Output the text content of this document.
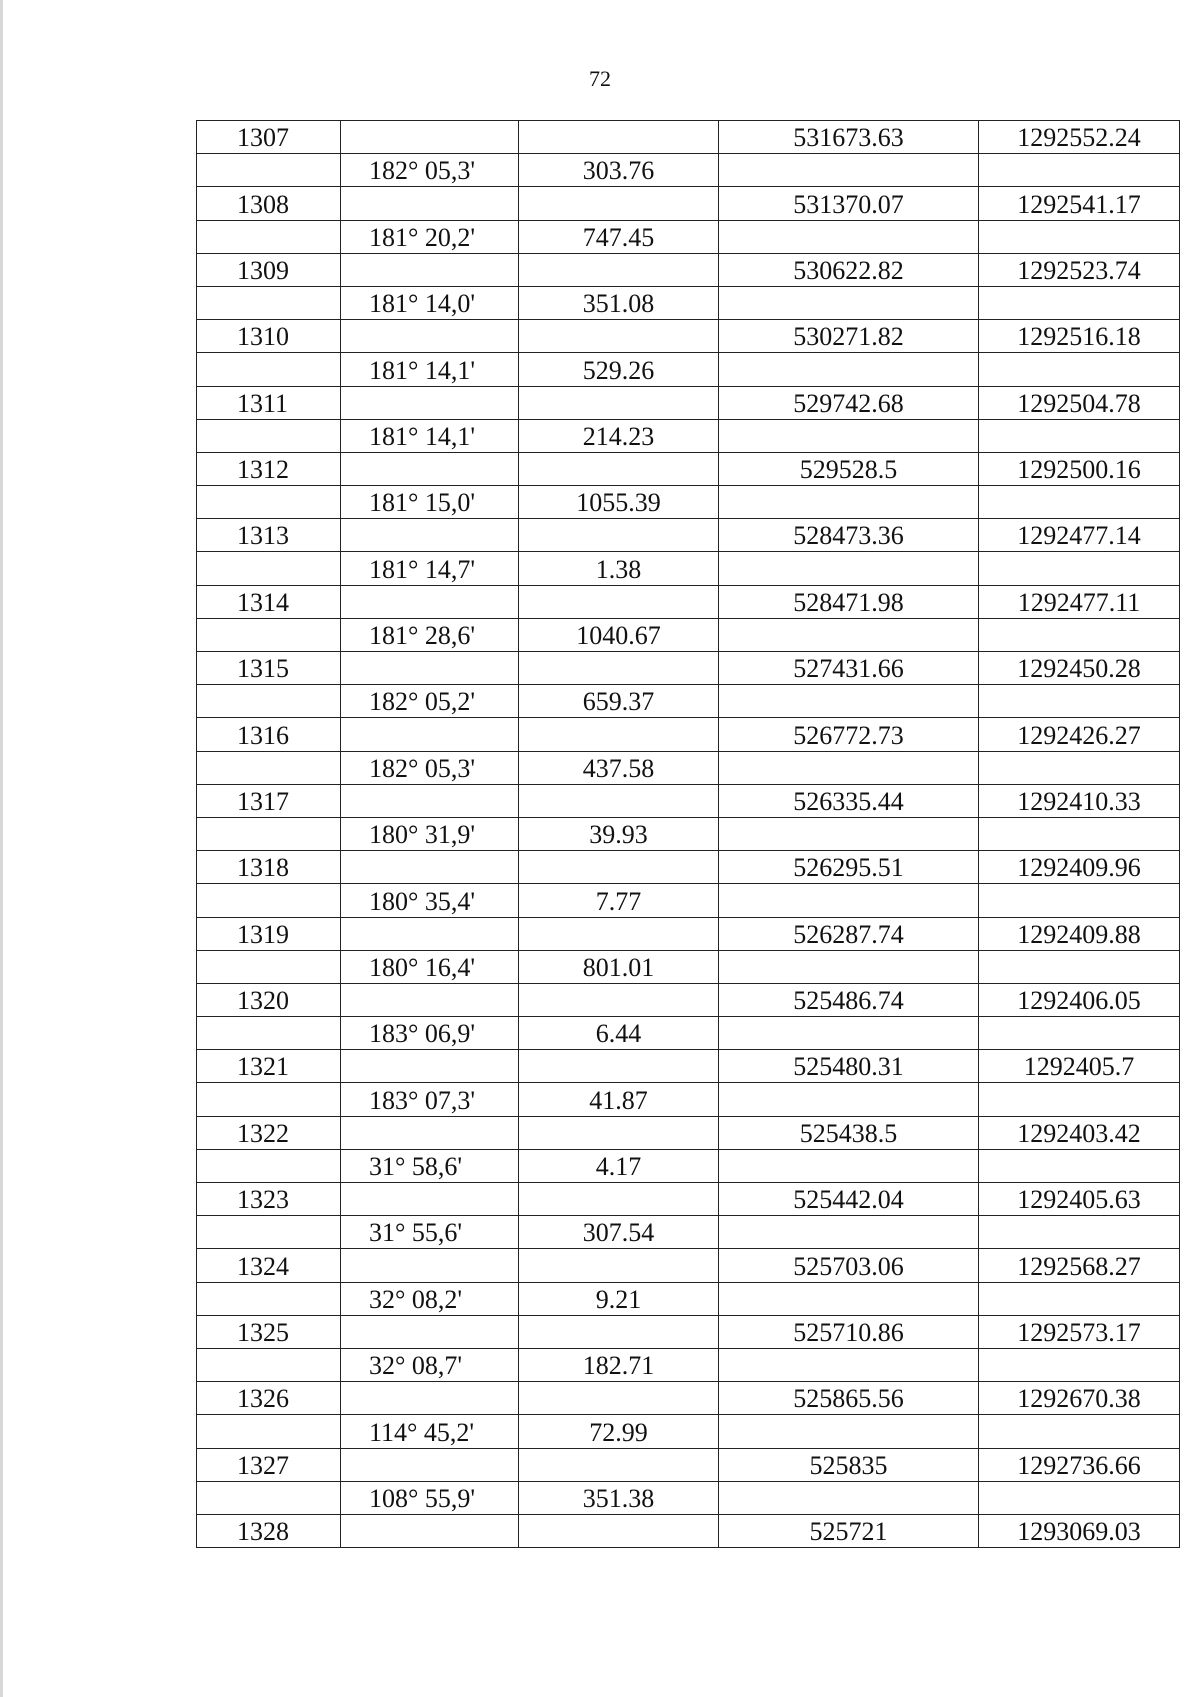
72
1307			531673.63	1292552.24
	182° 05,3'	303.76		
1308			531370.07	1292541.17
	181° 20,2'	747.45		
1309			530622.82	1292523.74
	181° 14,0'	351.08		
1310			530271.82	1292516.18
	181° 14,1'	529.26		
1311			529742.68	1292504.78
	181° 14,1'	214.23		
1312			529528.5	1292500.16
	181° 15,0'	1055.39		
1313			528473.36	1292477.14
	181° 14,7'	1.38		
1314			528471.98	1292477.11
	181° 28,6'	1040.67		
1315			527431.66	1292450.28
	182° 05,2'	659.37		
1316			526772.73	1292426.27
	182° 05,3'	437.58		
1317			526335.44	1292410.33
	180° 31,9'	39.93		
1318			526295.51	1292409.96
	180° 35,4'	7.77		
1319			526287.74	1292409.88
	180° 16,4'	801.01		
1320			525486.74	1292406.05
	183° 06,9'	6.44		
1321			525480.31	1292405.7
	183° 07,3'	41.87		
1322			525438.5	1292403.42
	31° 58,6'	4.17		
1323			525442.04	1292405.63
	31° 55,6'	307.54		
1324			525703.06	1292568.27
	32° 08,2'	9.21		
1325			525710.86	1292573.17
	32° 08,7'	182.71		
1326			525865.56	1292670.38
	114° 45,2'	72.99		
1327			525835	1292736.66
	108° 55,9'	351.38		
1328			525721	1293069.03
